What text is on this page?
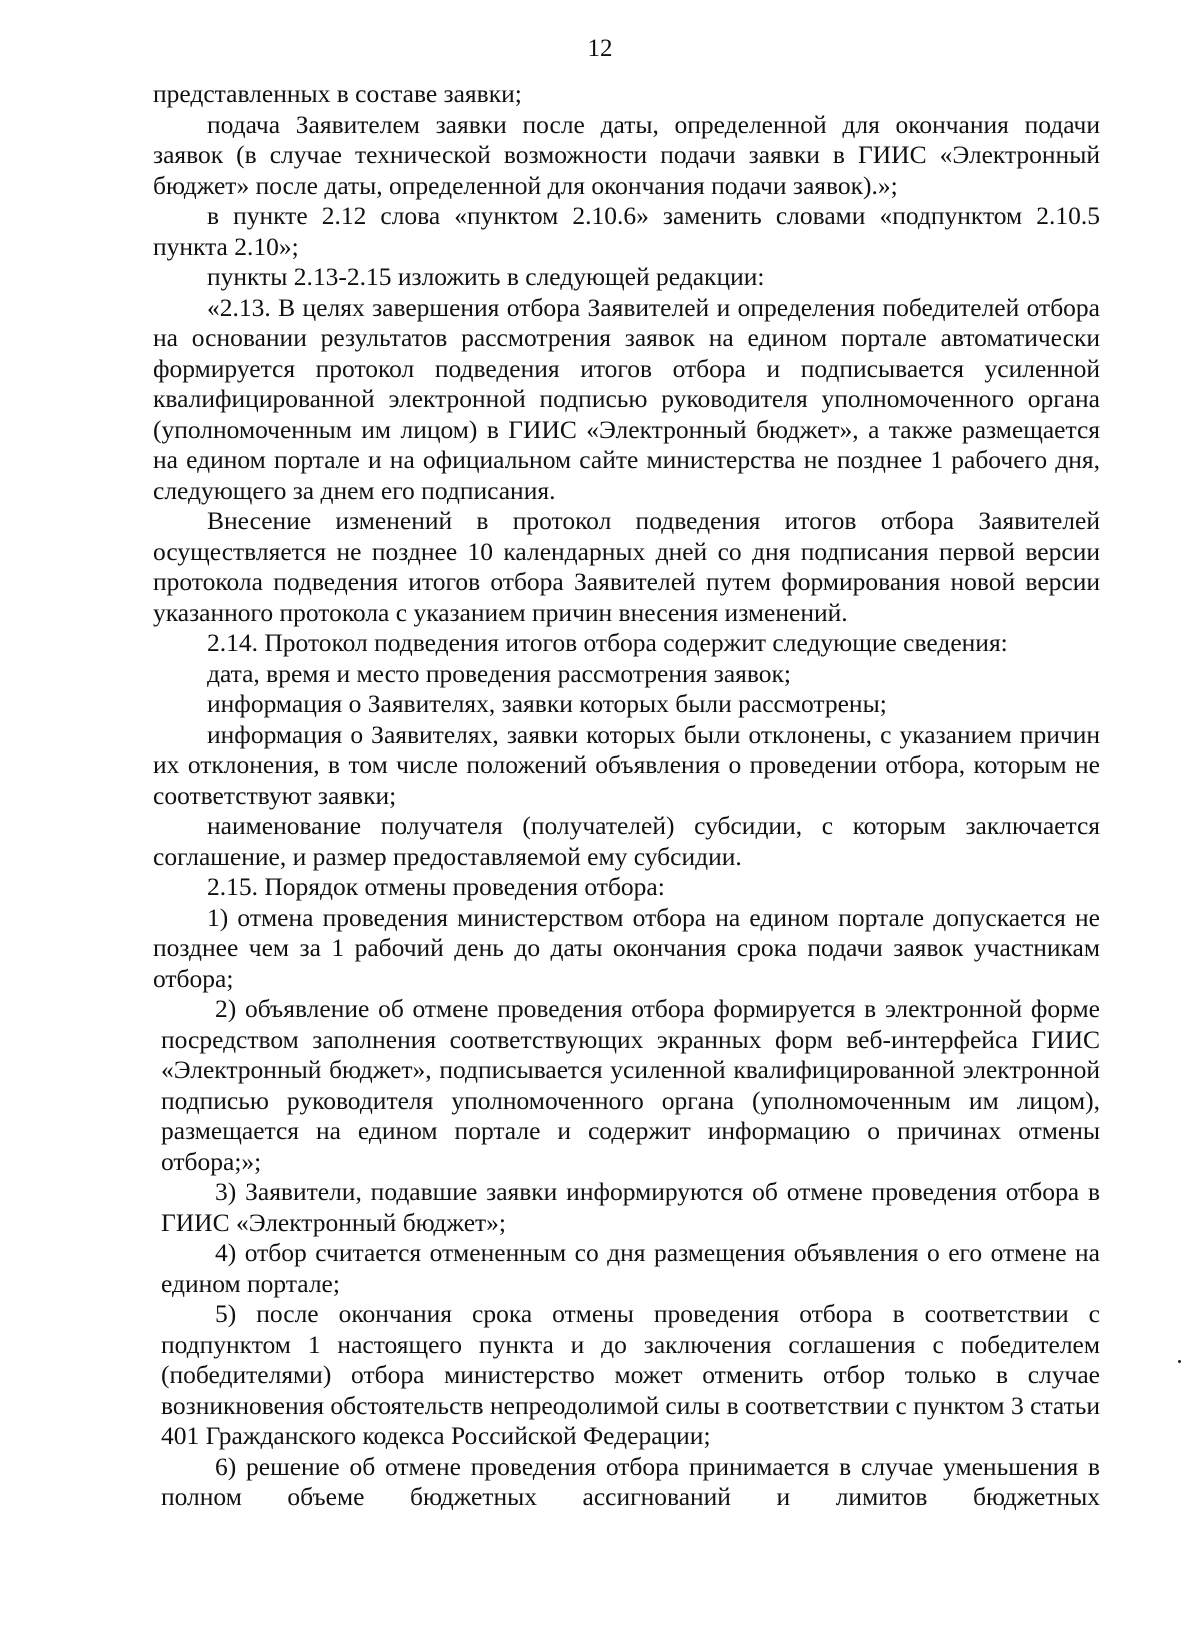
12

представленных в составе заявки;

подача Заявителем заявки после даты, определенной для окончания подачи заявок (в случае технической возможности подачи заявки в ГИИС «Электронный бюджет» после даты, определенной для окончания подачи заявок).»;

в пункте 2.12 слова «пунктом 2.10.6» заменить словами «подпунктом 2.10.5 пункта 2.10»;

пункты 2.13-2.15 изложить в следующей редакции:

«2.13. В целях завершения отбора Заявителей и определения победителей отбора на основании результатов рассмотрения заявок на едином портале автоматически формируется протокол подведения итогов отбора и подписывается усиленной квалифицированной электронной подписью руководителя уполномоченного органа (уполномоченным им лицом) в ГИИС «Электронный бюджет», а также размещается на едином портале и на официальном сайте министерства не позднее 1 рабочего дня, следующего за днем его подписания.

Внесение изменений в протокол подведения итогов отбора Заявителей осуществляется не позднее 10 календарных дней со дня подписания первой версии протокола подведения итогов отбора Заявителей путем формирования новой версии указанного протокола с указанием причин внесения изменений.

2.14. Протокол подведения итогов отбора содержит следующие сведения:

дата, время и место проведения рассмотрения заявок;

информация о Заявителях, заявки которых были рассмотрены;

информация о Заявителях, заявки которых были отклонены, с указанием причин их отклонения, в том числе положений объявления о проведении отбора, которым не соответствуют заявки;

наименование получателя (получателей) субсидии, с которым заключается соглашение, и размер предоставляемой ему субсидии.

2.15. Порядок отмены проведения отбора:

1) отмена проведения министерством отбора на едином портале допускается не позднее чем за 1 рабочий день до даты окончания срока подачи заявок участникам отбора;

2) объявление об отмене проведения отбора формируется в электронной форме посредством заполнения соответствующих экранных форм веб-интерфейса ГИИС «Электронный бюджет», подписывается усиленной квалифицированной электронной подписью руководителя уполномоченного органа (уполномоченным им лицом), размещается на едином портале и содержит информацию о причинах отмены отбора;»;

3) Заявители, подавшие заявки информируются об отмене проведения отбора в ГИИС «Электронный бюджет»;

4) отбор считается отмененным со дня размещения объявления о его отмене на едином портале;

5) после окончания срока отмены проведения отбора в соответствии с подпунктом 1 настоящего пункта и до заключения соглашения с победителем (победителями) отбора министерство может отменить отбор только в случае возникновения обстоятельств непреодолимой силы в соответствии с пунктом 3 статьи 401 Гражданского кодекса Российской Федерации;

6) решение об отмене проведения отбора принимается в случае уменьшения в полном объеме бюджетных ассигнований и лимитов бюджетных
